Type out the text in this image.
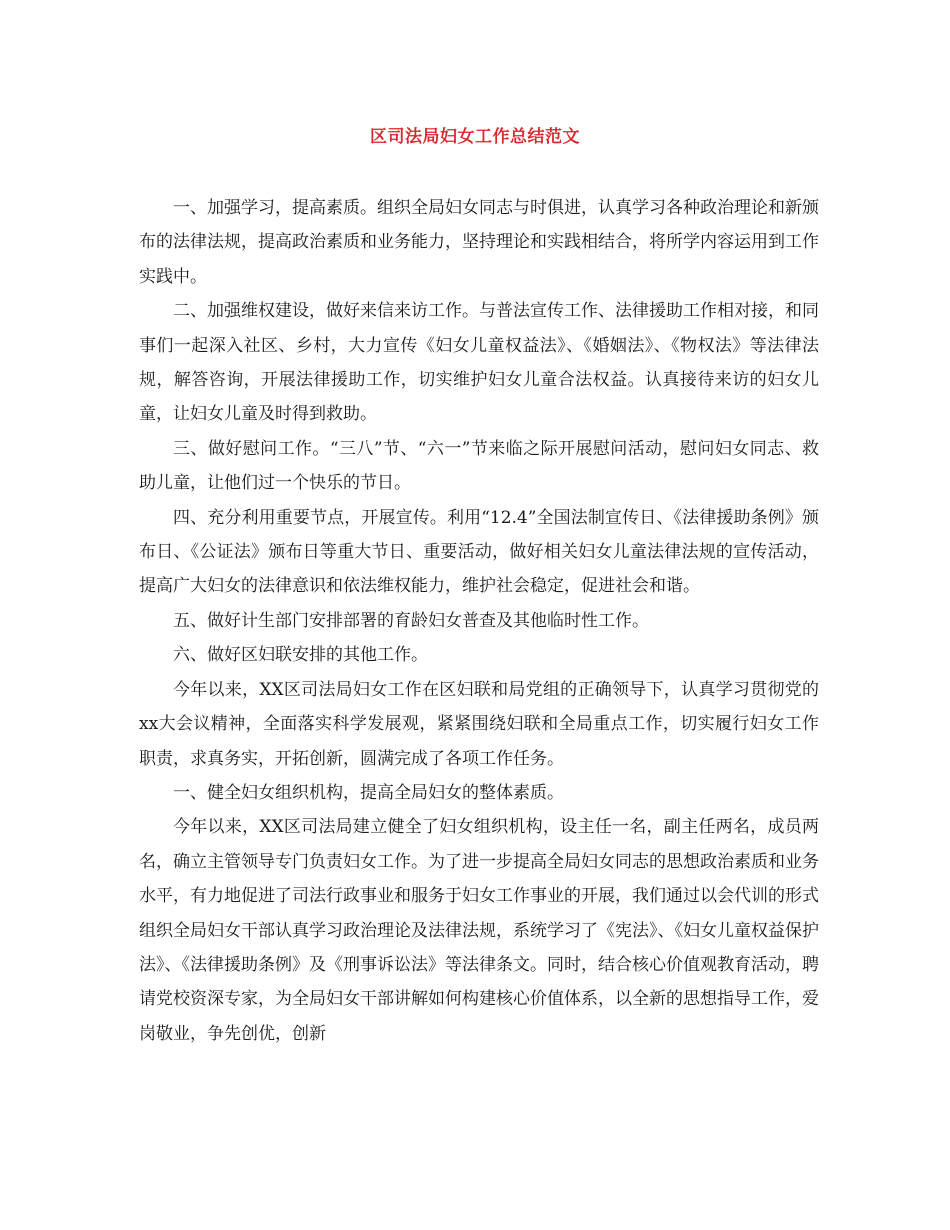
区司法局妇女工作总结范文

一、加强学习，提高素质。组织全局妇女同志与时俱进，认真学习各种政治理论和新颁布的法律法规，提高政治素质和业务能力，坚持理论和实践相结合，将所学内容运用到工作实践中。

二、加强维权建设，做好来信来访工作。与普法宣传工作、法律援助工作相对接，和同事们一起深入社区、乡村，大力宣传《妇女儿童权益法》、《婚姻法》、《物权法》等法律法规，解答咨询，开展法律援助工作，切实维护妇女儿童合法权益。认真接待来访的妇女儿童，让妇女儿童及时得到救助。

三、做好慰问工作。“三八”节、“六一”节来临之际开展慰问活动，慰问妇女同志、救助儿童，让他们过一个快乐的节日。

四、充分利用重要节点，开展宣传。利用“12.4”全国法制宣传日、《法律援助条例》颁布日、《公证法》颁布日等重大节日、重要活动，做好相关妇女儿童法律法规的宣传活动，提高广大妇女的法律意识和依法维权能力，维护社会稳定，促进社会和谐。

五、做好计生部门安排部署的育龄妇女普查及其他临时性工作。

六、做好区妇联安排的其他工作。

今年以来，XX区司法局妇女工作在区妇联和局党组的正确领导下，认真学习贯彻党的xx大会议精神，全面落实科学发展观，紧紧围绕妇联和全局重点工作，切实履行妇女工作职责，求真务实，开拓创新，圆满完成了各项工作任务。

一、健全妇女组织机构，提高全局妇女的整体素质。

今年以来，XX区司法局建立健全了妇女组织机构，设主任一名，副主任两名，成员两名，确立主管领导专门负责妇女工作。为了进一步提高全局妇女同志的思想政治素质和业务水平，有力地促进了司法行政事业和服务于妇女工作事业的开展，我们通过以会代训的形式组织全局妇女干部认真学习政治理论及法律法规，系统学习了《宪法》、《妇女儿童权益保护法》、《法律援助条例》及《刑事诉讼法》等法律条文。同时，结合核心价值观教育活动，聘请党校资深专家，为全局妇女干部讲解如何构建核心价值体系，以全新的思想指导工作，爱岗敬业，争先创优，创新
